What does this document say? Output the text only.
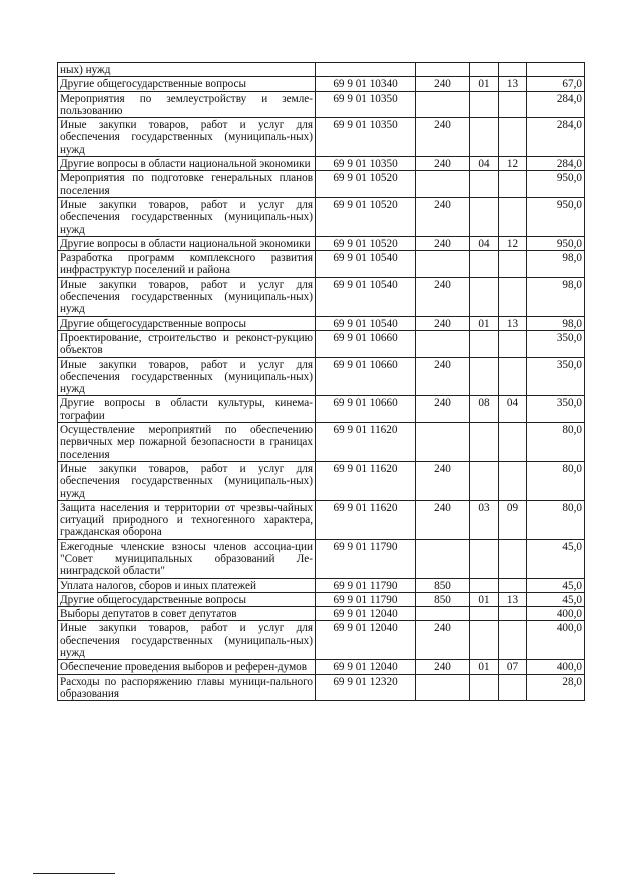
ных) нужд					
Другие общегосударственные вопросы	69 9 01 10340	240	01	13	67,0
Мероприятия по землеустройству и земле-пользованию	69 9 01 10350				284,0
Иные закупки товаров, работ и услуг для обеспечения государственных (муниципаль-ных) нужд	69 9 01 10350	240			284,0
Другие вопросы в области национальной экономики	69 9 01 10350	240	04	12	284,0
Мероприятия по подготовке генеральных планов поселения	69 9 01 10520				950,0
Иные закупки товаров, работ и услуг для обеспечения государственных (муниципаль-ных) нужд	69 9 01 10520	240			950,0
Другие вопросы в области национальной экономики	69 9 01 10520	240	04	12	950,0
Разработка программ комплексного развития инфраструктур поселений и района	69 9 01 10540				98,0
Иные закупки товаров, работ и услуг для обеспечения государственных (муниципаль-ных) нужд	69 9 01 10540	240			98,0
Другие общегосударственные вопросы	69 9 01 10540	240	01	13	98,0
Проектирование, строительство и реконст-рукцию объектов	69 9 01 10660				350,0
Иные закупки товаров, работ и услуг для обеспечения государственных (муниципаль-ных) нужд	69 9 01 10660	240			350,0
Другие вопросы в области культуры, кинема-тографии	69 9 01 10660	240	08	04	350,0
Осуществление мероприятий по обеспечению первичных мер пожарной безопасности в границах поселения	69 9 01 11620				80,0
Иные закупки товаров, работ и услуг для обеспечения государственных (муниципаль-ных) нужд	69 9 01 11620	240			80,0
Защита населения и территории от чрезвы-чайных ситуаций природного и техногенного характера, гражданская оборона	69 9 01 11620	240	03	09	80,0
Ежегодные членские взносы членов ассоциа-ции "Совет муниципальных образований Ле-нинградской области"	69 9 01 11790				45,0
Уплата налогов, сборов и иных платежей	69 9 01 11790	850			45,0
Другие общегосударственные вопросы	69 9 01 11790	850	01	13	45,0
Выборы депутатов в совет депутатов	69 9 01 12040				400,0
Иные закупки товаров, работ и услуг для обеспечения государственных (муниципаль-ных) нужд	69 9 01 12040	240			400,0
Обеспечение проведения выборов и референ-думов	69 9 01 12040	240	01	07	400,0
Расходы по распоряжению главы муници-пального образования	69 9 01 12320				28,0
